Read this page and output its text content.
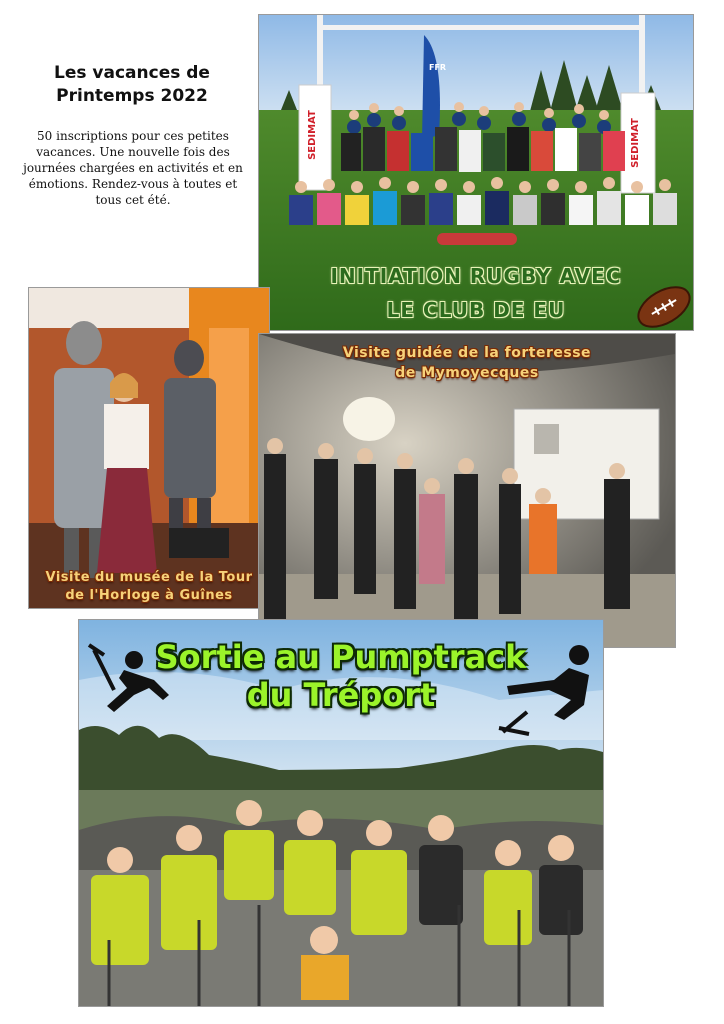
Les vacances de
Printemps 2022
50 inscriptions pour ces petites vacances. Une nouvelle fois des journées chargées en activités et en émotions. Rendez-vous à toutes et tous cet été.
SEDIMAT	SEDIMAT
FFR
INITIATION RUGBY AVEC
LE CLUB DE EU
Visite du musée de la Tour
de l'Horloge à Guînes
Visite guidée de la forteresse
de Mymoyecques
Sortie au Pumptrack
du Tréport
